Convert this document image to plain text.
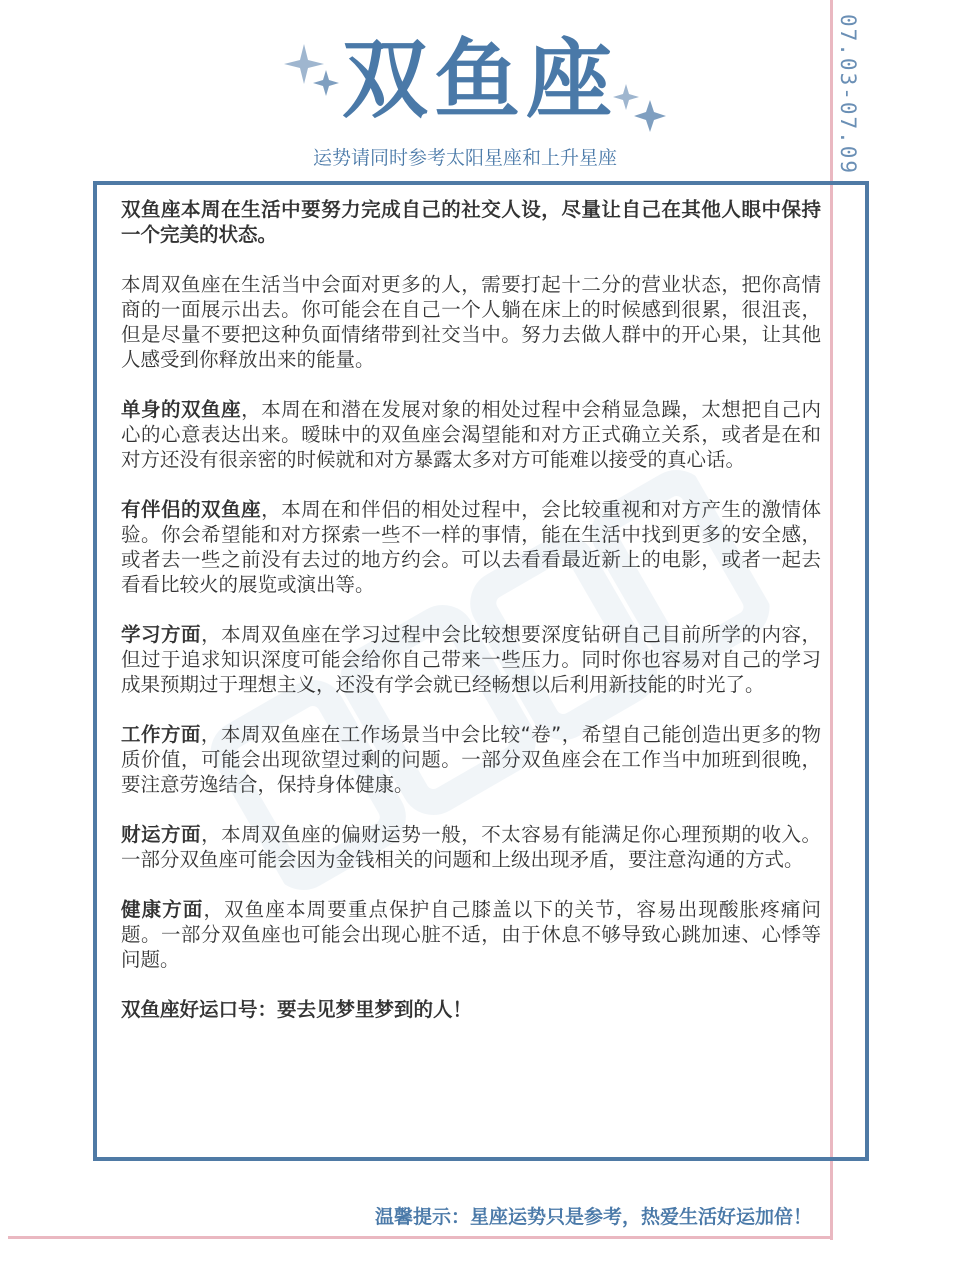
双鱼座
运势请同时参考太阳星座和上升星座	07.03-07.09

双鱼座本周在生活中要努力完成自己的社交人设，尽量让自己在其他人眼中保持一个完美的状态。

本周双鱼座在生活当中会面对更多的人，需要打起十二分的营业状态，把你高情商的一面展示出去。你可能会在自己一个人躺在床上的时候感到很累，很沮丧，但是尽量不要把这种负面情绪带到社交当中。努力去做人群中的开心果，让其他人感受到你释放出来的能量。

单身的双鱼座，本周在和潜在发展对象的相处过程中会稍显急躁，太想把自己内心的心意表达出来。暧昧中的双鱼座会渴望能和对方正式确立关系，或者是在和对方还没有很亲密的时候就和对方暴露太多对方可能难以接受的真心话。

有伴侣的双鱼座，本周在和伴侣的相处过程中，会比较重视和对方产生的激情体验。你会希望能和对方探索一些不一样的事情，能在生活中找到更多的安全感，或者去一些之前没有去过的地方约会。可以去看看最近新上的电影，或者一起去看看比较火的展览或演出等。

学习方面，本周双鱼座在学习过程中会比较想要深度钻研自己目前所学的内容，但过于追求知识深度可能会给你自己带来一些压力。同时你也容易对自己的学习成果预期过于理想主义，还没有学会就已经畅想以后利用新技能的时光了。

工作方面，本周双鱼座在工作场景当中会比较“卷”，希望自己能创造出更多的物质价值，可能会出现欲望过剩的问题。一部分双鱼座会在工作当中加班到很晚，要注意劳逸结合，保持身体健康。

财运方面，本周双鱼座的偏财运势一般，不太容易有能满足你心理预期的收入。一部分双鱼座可能会因为金钱相关的问题和上级出现矛盾，要注意沟通的方式。

健康方面，双鱼座本周要重点保护自己膝盖以下的关节，容易出现酸胀疼痛问题。一部分双鱼座也可能会出现心脏不适，由于休息不够导致心跳加速、心悸等问题。

双鱼座好运口号：要去见梦里梦到的人！

温馨提示：星座运势只是参考，热爱生活好运加倍！
